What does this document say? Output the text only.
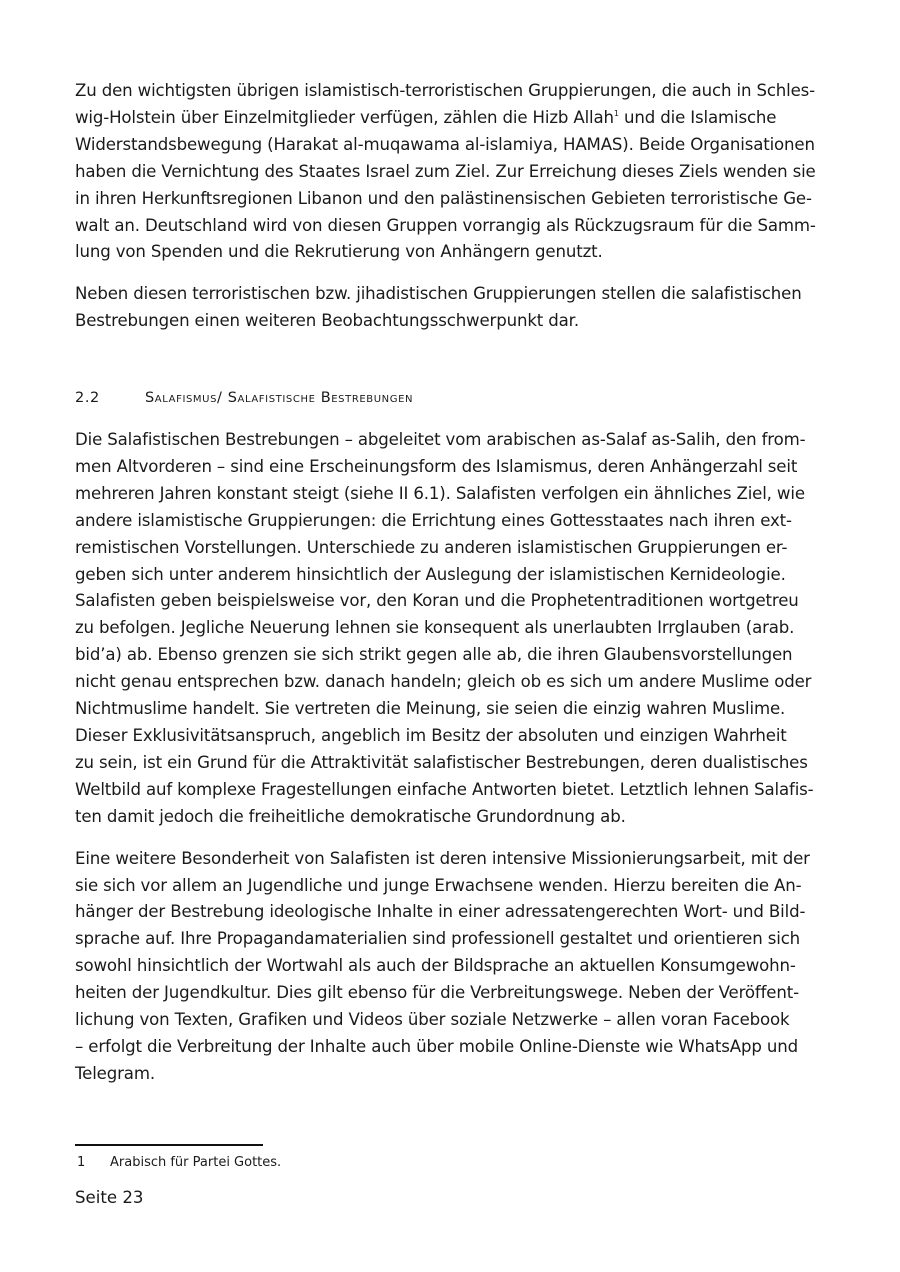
Zu den wichtigsten übrigen islamistisch-terroristischen Gruppierungen, die auch in Schles-
wig-Holstein über Einzelmitglieder verfügen, zählen die Hizb Allah$^1$ und die Islamische
Widerstandsbewegung (Harakat al-muqawama al-islamiya, HAMAS). Beide Organisationen
haben die Vernichtung des Staates Israel zum Ziel. Zur Erreichung dieses Ziels wenden sie
in ihren Herkunftsregionen Libanon und den palästinensischen Gebieten terroristische Ge-
walt an. Deutschland wird von diesen Gruppen vorrangig als Rückzugsraum für die Samm-
lung von Spenden und die Rekrutierung von Anhängern genutzt.

Neben diesen terroristischen bzw. jihadistischen Gruppierungen stellen die salafistischen
Bestrebungen einen weiteren Beobachtungsschwerpunkt dar.

2.2	Salafismus/ Salafistische Bestrebungen

Die Salafistischen Bestrebungen – abgeleitet vom arabischen as-Salaf as-Salih, den from-
men Altvorderen – sind eine Erscheinungsform des Islamismus, deren Anhängerzahl seit
mehreren Jahren konstant steigt (siehe II 6.1). Salafisten verfolgen ein ähnliches Ziel, wie
andere islamistische Gruppierungen: die Errichtung eines Gottesstaates nach ihren ext-
remistischen Vorstellungen. Unterschiede zu anderen islamistischen Gruppierungen er-
geben sich unter anderem hinsichtlich der Auslegung der islamistischen Kernideologie.
Salafisten geben beispielsweise vor, den Koran und die Prophetentraditionen wortgetreu
zu befolgen. Jegliche Neuerung lehnen sie konsequent als unerlaubten Irrglauben (arab.
bid’a) ab. Ebenso grenzen sie sich strikt gegen alle ab, die ihren Glaubensvorstellungen
nicht genau entsprechen bzw. danach handeln; gleich ob es sich um andere Muslime oder
Nichtmuslime handelt. Sie vertreten die Meinung, sie seien die einzig wahren Muslime.
Dieser Exklusivitätsanspruch, angeblich im Besitz der absoluten und einzigen Wahrheit
zu sein, ist ein Grund für die Attraktivität salafistischer Bestrebungen, deren dualistisches
Weltbild auf komplexe Fragestellungen einfache Antworten bietet. Letztlich lehnen Salafis-
ten damit jedoch die freiheitliche demokratische Grundordnung ab.

Eine weitere Besonderheit von Salafisten ist deren intensive Missionierungsarbeit, mit der
sie sich vor allem an Jugendliche und junge Erwachsene wenden. Hierzu bereiten die An-
hänger der Bestrebung ideologische Inhalte in einer adressatengerechten Wort- und Bild-
sprache auf. Ihre Propagandamaterialien sind professionell gestaltet und orientieren sich
sowohl hinsichtlich der Wortwahl als auch der Bildsprache an aktuellen Konsumgewohn-
heiten der Jugendkultur. Dies gilt ebenso für die Verbreitungswege. Neben der Veröffent-
lichung von Texten, Grafiken und Videos über soziale Netzwerke – allen voran Facebook
– erfolgt die Verbreitung der Inhalte auch über mobile Online-Dienste wie WhatsApp und
Telegram.

1 Arabisch für Partei Gottes.
Seite 23
